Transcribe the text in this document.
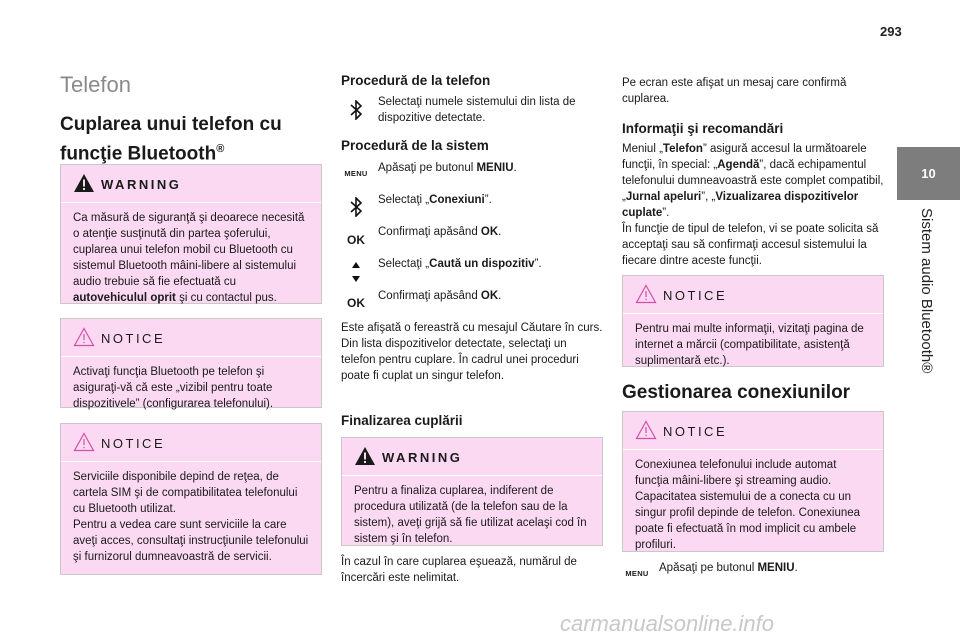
293
10
Sistem audio Bluetooth®
Telefon
Cuplarea unui telefon cu funcţie Bluetooth®
WARNING
Ca măsură de siguranţă şi deoarece necesită o atenţie susţinută din partea şoferului, cuplarea unui telefon mobil cu Bluetooth cu sistemul Bluetooth mâini-libere al sistemului audio trebuie să fie efectuată cu autovehiculul oprit şi cu contactul pus.
NOTICE
Activaţi funcţia Bluetooth pe telefon şi asiguraţi-vă că este „vizibil pentru toate dispozitivele” (configurarea telefonului).
NOTICE
Serviciile disponibile depind de reţea, de cartela SIM şi de compatibilitatea telefonului cu Bluetooth utilizat.
Pentru a vedea care sunt serviciile la care aveţi acces, consultaţi instrucţiunile telefonului şi furnizorul dumneavoastră de servicii.
Procedură de la telefon
Selectaţi numele sistemului din lista de dispozitive detectate.
Procedură de la sistem
MENU Apăsaţi pe butonul MENIU.
Selectaţi „Conexiuni”.
OK
Confirmaţi apăsând OK.
Selectaţi „Caută un dispozitiv”.
OK	Confirmaţi apăsând OK.
Este afişată o fereastră cu mesajul Căutare în curs.
Din lista dispozitivelor detectate, selectaţi un telefon pentru cuplare. În cadrul unei proceduri poate fi cuplat un singur telefon.
Finalizarea cuplării
WARNING
Pentru a finaliza cuplarea, indiferent de procedura utilizată (de la telefon sau de la sistem), aveţi grijă să fie utilizat acelaşi cod în sistem şi în telefon.
În cazul în care cuplarea eşuează, numărul de încercări este nelimitat.
Pe ecran este afişat un mesaj care confirmă cuplarea.
Informaţii şi recomandări
Meniul „Telefon” asigură accesul la următoarele funcţii, în special: „Agendă”, dacă echipamentul telefonului dumneavoastră este complet compatibil, „Jurnal apeluri”, „Vizualizarea dispozitivelor cuplate”.
În funcţie de tipul de telefon, vi se poate solicita să acceptaţi sau să confirmaţi accesul sistemului la fiecare dintre aceste funcţii.
NOTICE
Pentru mai multe informaţii, vizitaţi pagina de internet a mărcii (compatibilitate, asistenţă suplimentară etc.).
Gestionarea conexiunilor
NOTICE
Conexiunea telefonului include automat funcţia mâini-libere şi streaming audio.
Capacitatea sistemului de a conecta cu un singur profil depinde de telefon. Conexiunea poate fi efectuată în mod implicit cu ambele profiluri.
MENU Apăsaţi pe butonul MENIU.
carmanualsonline.info
